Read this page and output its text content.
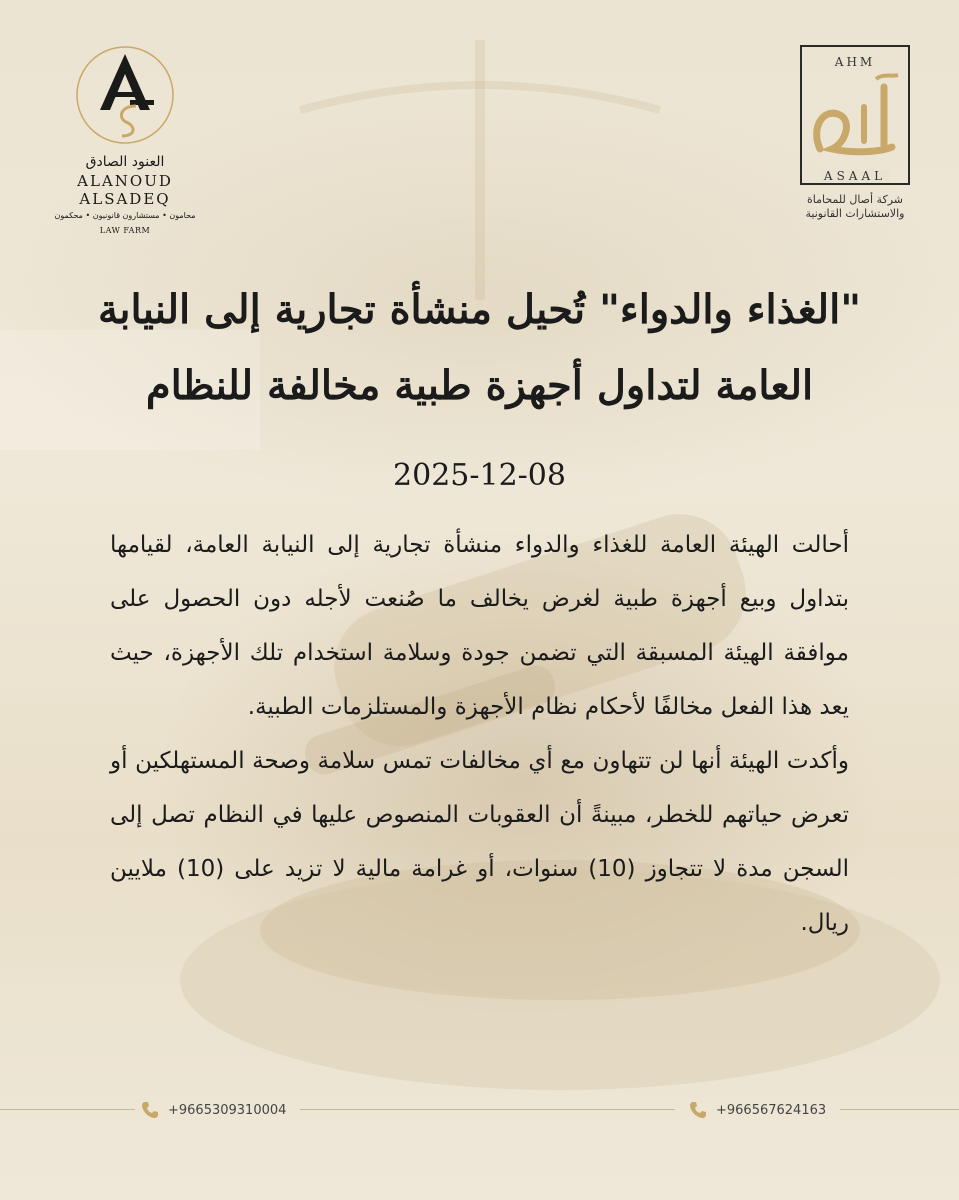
العنود الصادق
ALANOUD ALSADEQ
محامون • مستشارون قانونيون • محكمون
LAW FARM
AHM
ASAAL
شركة أصال للمحاماة
والاستشارات القانونية
"الغذاء والدواء" تُحيل منشأة تجارية إلى النيابة
العامة لتداول أجهزة طبية مخالفة للنظام
2025-12-08

أحالت الهيئة العامة للغذاء والدواء منشأة تجارية إلى النيابة العامة، لقيامها بتداول وبيع أجهزة طبية لغرض يخالف ما صُنعت لأجله دون الحصول على موافقة الهيئة المسبقة التي تضمن جودة وسلامة استخدام تلك الأجهزة، حيث يعد هذا الفعل مخالفًا لأحكام نظام الأجهزة والمستلزمات الطبية.

وأكدت الهيئة أنها لن تتهاون مع أي مخالفات تمس سلامة وصحة المستهلكين أو تعرض حياتهم للخطر، مبينةً أن العقوبات المنصوص عليها في النظام تصل إلى السجن مدة لا تتجاوز (10) سنوات، أو غرامة مالية لا تزيد على (10) ملايين ريال.

+9665309310004	+966567624163
